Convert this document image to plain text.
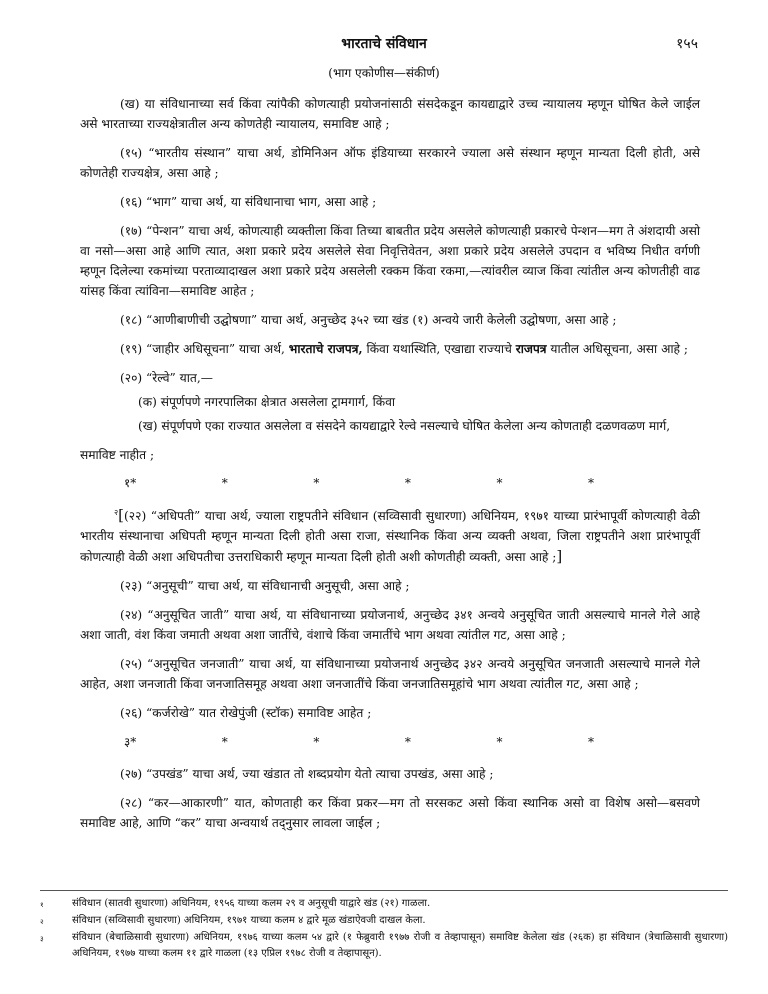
भारताचे संविधान	१५५
(भाग एकोणीस—संकीर्ण)

(ख) या संविधानाच्या सर्व किंवा त्यांपैकी कोणत्याही प्रयोजनांसाठी संसदेकडून कायद्याद्वारे उच्च न्यायालय म्हणून घोषित केले जाईल असे भारताच्या राज्यक्षेत्रातील अन्य कोणतेही न्यायालय, समाविष्ट आहे ;

(१५) “भारतीय संस्थान” याचा अर्थ, डोमिनिअन ऑफ इंडियाच्या सरकारने ज्याला असे संस्थान म्हणून मान्यता दिली होती, असे कोणतेही राज्यक्षेत्र, असा आहे ;

(१६) “भाग” याचा अर्थ, या संविधानाचा भाग, असा आहे ;

(१७) “पेन्शन” याचा अर्थ, कोणत्याही व्यक्तीला किंवा तिच्या बाबतीत प्रदेय असलेले कोणत्याही प्रकारचे पेन्शन—मग ते अंशदायी असो वा नसो—असा आहे आणि त्यात, अशा प्रकारे प्रदेय असलेले सेवा निवृत्तिवेतन, अशा प्रकारे प्रदेय असलेले उपदान व भविष्य निधीत वर्गणी म्हणून दिलेल्या रकमांच्या परताव्यादाखल अशा प्रकारे प्रदेय असलेली रक्कम किंवा रकमा,—त्यांवरील व्याज किंवा त्यांतील अन्य कोणतीही वाढ यांसह किंवा त्यांविना—समाविष्ट आहेत ;

(१८) “आणीबाणीची उद्घोषणा” याचा अर्थ, अनुच्छेद ३५२ च्या खंड (१) अन्वये जारी केलेली उद्घोषणा, असा आहे ;

(१९) “जाहीर अधिसूचना” याचा अर्थ, भारताचे राजपत्र, किंवा यथास्थिति, एखाद्या राज्याचे राजपत्र यातील अधिसूचना, असा आहे ;

(२०) “रेल्वे” यात,—

(क) संपूर्णपणे नगरपालिका क्षेत्रात असलेला ट्रामगार्ग, किंवा

(ख) संपूर्णपणे एका राज्यात असलेला व संसदेने कायद्याद्वारे रेल्वे नसल्याचे घोषित केलेला अन्य कोणताही दळणवळण मार्ग,

समाविष्ट नाहीत ;

१*	*	*	*	*	*

$^२$[(२२) “अधिपती” याचा अर्थ, ज्याला राष्ट्रपतीने संविधान (सव्विसावी सुधारणा) अधिनियम, १९७१ याच्या प्रारंभापूर्वी कोणत्याही वेळी भारतीय संस्थानाचा अधिपती म्हणून मान्यता दिली होती असा राजा, संस्थानिक किंवा अन्य व्यक्ती अथवा, जिला राष्ट्रपतीने अशा प्रारंभापूर्वी कोणत्याही वेळी अशा अधिपतीचा उत्तराधिकारी म्हणून मान्यता दिली होती अशी कोणतीही व्यक्ती, असा आहे ;]

(२३) “अनुसूची” याचा अर्थ, या संविधानाची अनुसूची, असा आहे ;

(२४) “अनुसूचित जाती” याचा अर्थ, या संविधानाच्या प्रयोजनार्थ, अनुच्छेद ३४१ अन्वये अनुसूचित जाती असल्याचे मानले गेले आहे अशा जाती, वंश किंवा जमाती अथवा अशा जातींचे, वंशाचे किंवा जमातींचे भाग अथवा त्यांतील गट, असा आहे ;

(२५) “अनुसूचित जनजाती” याचा अर्थ, या संविधानाच्या प्रयोजनार्थ अनुच्छेद ३४२ अन्वये अनुसूचित जनजाती असल्याचे मानले गेले आहेत, अशा जनजाती किंवा जनजातिसमूह अथवा अशा जनजातींचे किंवा जनजातिसमूहांचे भाग अथवा त्यांतील गट, असा आहे ;

(२६) “कर्जरोखे” यात रोखेपुंजी (स्टॉक) समाविष्ट आहेत ;

३*	*	*	*	*	*

(२७) “उपखंड” याचा अर्थ, ज्या खंडात तो शब्दप्रयोग येतो त्याचा उपखंड, असा आहे ;

(२८) “कर—आकारणी” यात, कोणताही कर किंवा प्रकर—मग तो सरसकट असो किंवा स्थानिक असो वा विशेष असो—बसवणे समाविष्ट आहे, आणि “कर” याचा अन्वयार्थ तद्नुसार लावला जाईल ;

१	संविधान (सातवी सुधारणा) अधिनियम, १९५६ याच्या कलम २९ व अनुसूची याद्वारे खंड (२१) गाळला.

२	संविधान (सव्विसावी सुधारणा) अधिनियम, १९७१ याच्या कलम ४ द्वारे मूळ खंडाऐवजी दाखल केला.

३	संविधान (बेचाळिसावी सुधारणा) अधिनियम, १९७६ याच्या कलम ५४ द्वारे (१ फेब्रुवारी १९७७ रोजी व तेव्हापासून) समाविष्ट केलेला खंड (२६क) हा संविधान (त्रेचाळिसावी सुधारणा) अधिनियम, १९७७ याच्या कलम ११ द्वारे गाळला (१३ एप्रिल १९७८ रोजी व तेव्हापासून).
